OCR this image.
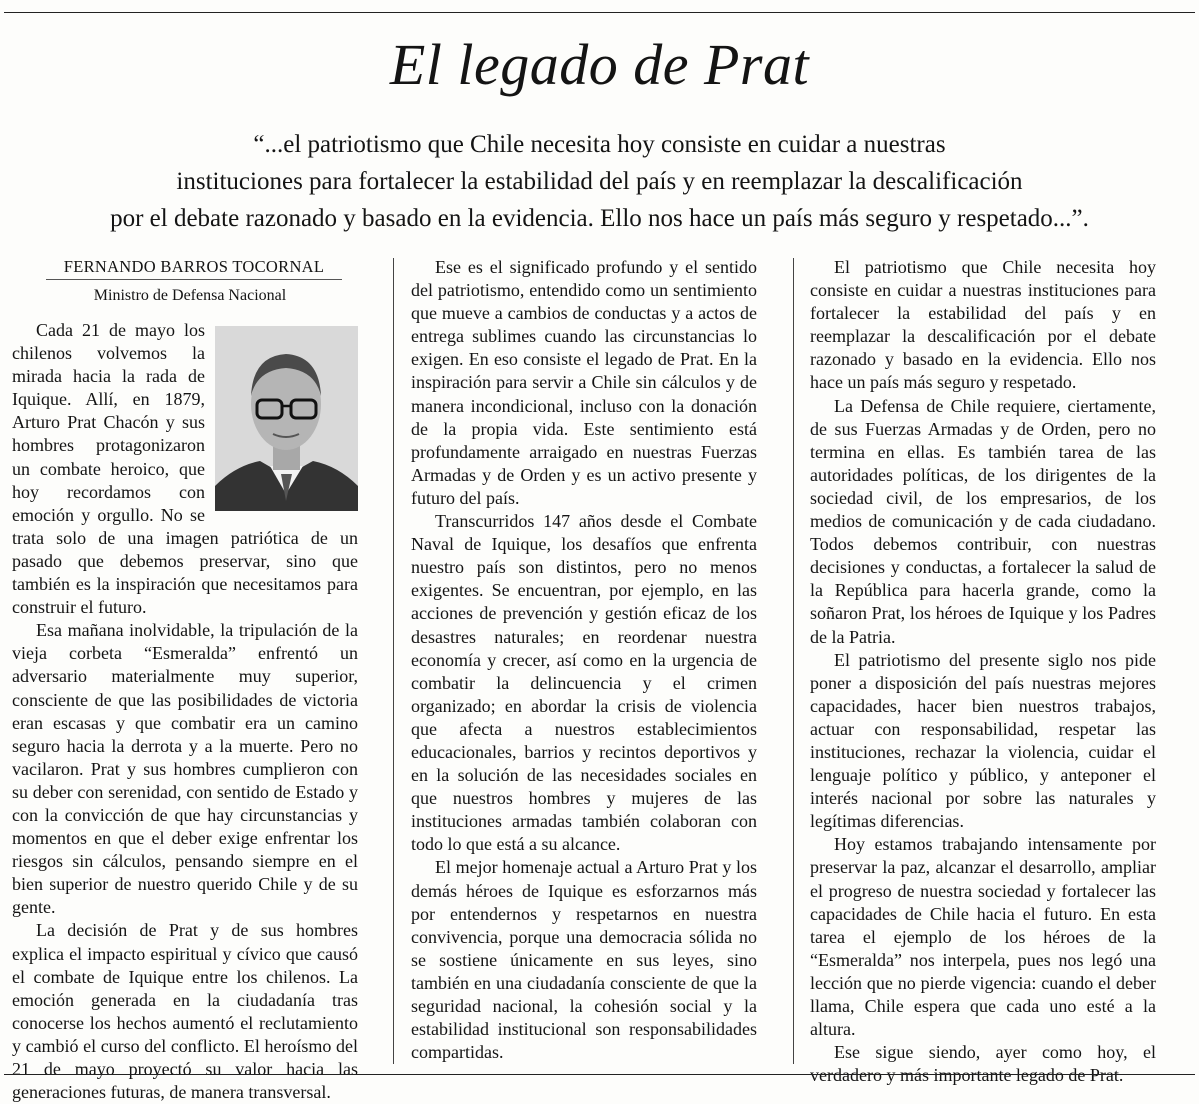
El legado de Prat
“...el patriotismo que Chile necesita hoy consiste en cuidar a nuestras
instituciones para fortalecer la estabilidad del país y en reemplazar la descalificación
por el debate razonado y basado en la evidencia. Ello nos hace un país más seguro y respetado...”.
FERNANDO BARROS TOCORNAL
Ministro de Defensa Nacional

Cada 21 de mayo los chilenos volvemos la mirada hacia la rada de Iquique. Allí, en 1879, Arturo Prat Chacón y sus hombres protagonizaron un combate heroico, que hoy recordamos con emoción y orgullo. No se trata solo de una imagen patriótica de un pasado que debemos preservar, sino que también es la inspiración que necesitamos para construir el futuro.

Esa mañana inolvidable, la tripulación de la vieja corbeta “Esmeralda” enfrentó un adversario materialmente muy superior, consciente de que las posibilidades de victoria eran escasas y que combatir era un camino seguro hacia la derrota y a la muerte. Pero no vacilaron. Prat y sus hombres cumplieron con su deber con serenidad, con sentido de Estado y con la convicción de que hay circunstancias y momentos en que el deber exige enfrentar los riesgos sin cálculos, pensando siempre en el bien superior de nuestro querido Chile y de su gente.

La decisión de Prat y de sus hombres explica el impacto espiritual y cívico que causó el combate de Iquique entre los chilenos. La emoción generada en la ciudadanía tras conocerse los hechos aumentó el reclutamiento y cambió el curso del conflicto. El heroísmo del 21 de mayo proyectó su valor hacia las generaciones futuras, de manera transversal.

Ese es el significado profundo y el sentido del patriotismo, entendido como un sentimiento que mueve a cambios de conductas y a actos de entrega sublimes cuando las circunstancias lo exigen. En eso consiste el legado de Prat. En la inspiración para servir a Chile sin cálculos y de manera incondicional, incluso con la donación de la propia vida. Este sentimiento está profundamente arraigado en nuestras Fuerzas Armadas y de Orden y es un activo presente y futuro del país.

Transcurridos 147 años desde el Combate Naval de Iquique, los desafíos que enfrenta nuestro país son distintos, pero no menos exigentes. Se encuentran, por ejemplo, en las acciones de prevención y gestión eficaz de los desastres naturales; en reordenar nuestra economía y crecer, así como en la urgencia de combatir la delincuencia y el crimen organizado; en abordar la crisis de violencia que afecta a nuestros establecimientos educacionales, barrios y recintos deportivos y en la solución de las necesidades sociales en que nuestros hombres y mujeres de las instituciones armadas también colaboran con todo lo que está a su alcance.

El mejor homenaje actual a Arturo Prat y los demás héroes de Iquique es esforzarnos más por entendernos y respetarnos en nuestra convivencia, porque una democracia sólida no se sostiene únicamente en sus leyes, sino también en una ciudadanía consciente de que la seguridad nacional, la cohesión social y la estabilidad institucional son responsabilidades compartidas.

El patriotismo que Chile necesita hoy consiste en cuidar a nuestras instituciones para fortalecer la estabilidad del país y en reemplazar la descalificación por el debate razonado y basado en la evidencia. Ello nos hace un país más seguro y respetado.

La Defensa de Chile requiere, ciertamente, de sus Fuerzas Armadas y de Orden, pero no termina en ellas. Es también tarea de las autoridades políticas, de los dirigentes de la sociedad civil, de los empresarios, de los medios de comunicación y de cada ciudadano. Todos debemos contribuir, con nuestras decisiones y conductas, a fortalecer la salud de la República para hacerla grande, como la soñaron Prat, los héroes de Iquique y los Padres de la Patria.

El patriotismo del presente siglo nos pide poner a disposición del país nuestras mejores capacidades, hacer bien nuestros trabajos, actuar con responsabilidad, respetar las instituciones, rechazar la violencia, cuidar el lenguaje político y público, y anteponer el interés nacional por sobre las naturales y legítimas diferencias.

Hoy estamos trabajando intensamente por preservar la paz, alcanzar el desarrollo, ampliar el progreso de nuestra sociedad y fortalecer las capacidades de Chile hacia el futuro. En esta tarea el ejemplo de los héroes de la “Esmeralda” nos interpela, pues nos legó una lección que no pierde vigencia: cuando el deber llama, Chile espera que cada uno esté a la altura.

Ese sigue siendo, ayer como hoy, el verdadero y más importante legado de Prat.
